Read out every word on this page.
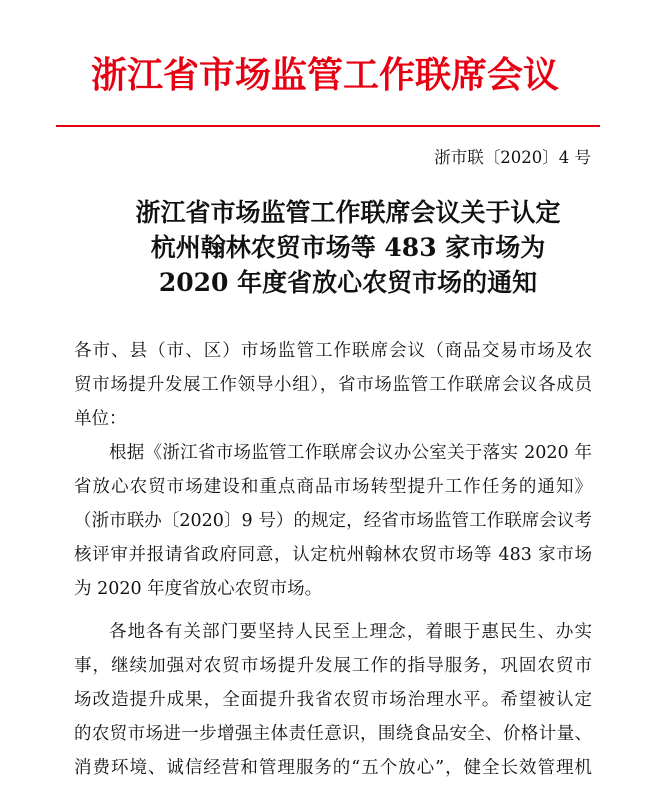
浙江省市场监管工作联席会议
浙市联〔2020〕4 号
浙江省市场监管工作联席会议关于认定
杭州翰林农贸市场等 483 家市场为
2020 年度省放心农贸市场的通知
各市、县（市、区）市场监管工作联席会议（商品交易市场及农
贸市场提升发展工作领导小组），省市场监管工作联席会议各成员
单位：
根据《浙江省市场监管工作联席会议办公室关于落实 2020 年
省放心农贸市场建设和重点商品市场转型提升工作任务的通知》
（浙市联办〔2020〕9 号）的规定，经省市场监管工作联席会议考
核评审并报请省政府同意，认定杭州翰林农贸市场等 483 家市场
为 2020 年度省放心农贸市场。
各地各有关部门要坚持人民至上理念，着眼于惠民生、办实
事，继续加强对农贸市场提升发展工作的指导服务，巩固农贸市
场改造提升成果，全面提升我省农贸市场治理水平。希望被认定
的农贸市场进一步增强主体责任意识，围绕食品安全、价格计量、
消费环境、诚信经营和管理服务的“五个放心”，健全长效管理机
